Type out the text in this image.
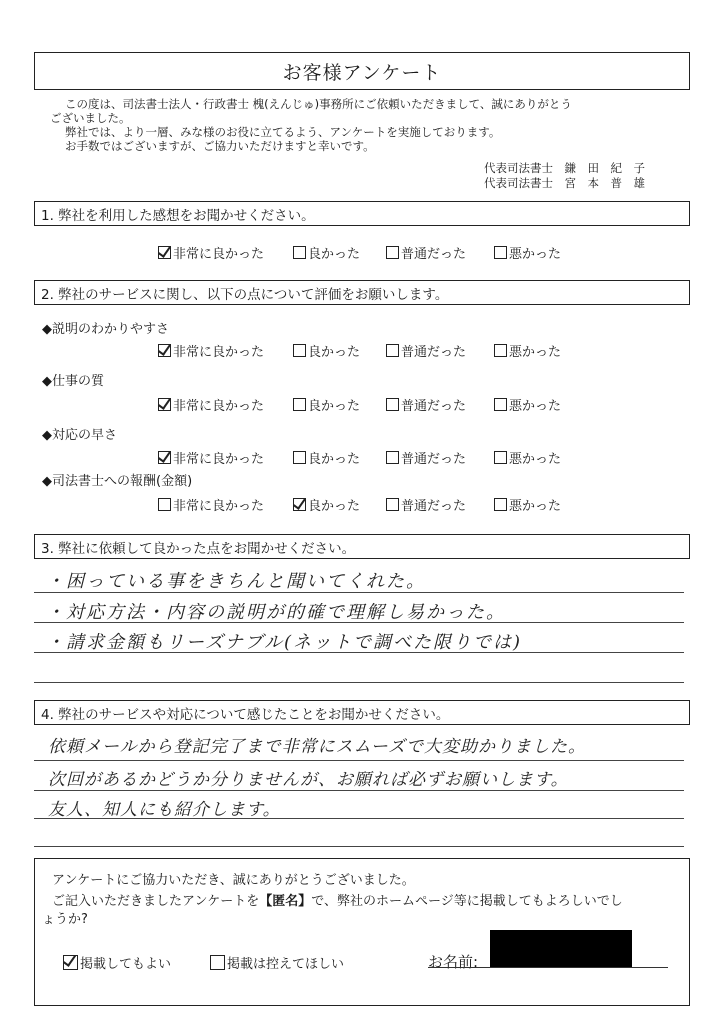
お客様アンケート

この度は、司法書士法人・行政書士 槐(えんじゅ)事務所にご依頼いただきまして、誠にありがとう

ございました。

弊社では、より一層、みな様のお役に立てるよう、アンケートを実施しております。

お手数ではございますが、ご協力いただけますと幸いです。

代表司法書士　鎌　田　紀　子
代表司法書士　宮　本　普　雄
1. 弊社を利用した感想をお聞かせください。
非常に良かった	良かった	普通だった	悪かった
2. 弊社のサービスに関し、以下の点について評価をお願いします。
◆説明のわかりやすさ
非常に良かった	良かった	普通だった	悪かった
◆仕事の質
非常に良かった	良かった	普通だった	悪かった
◆対応の早さ
非常に良かった	良かった	普通だった	悪かった
◆司法書士への報酬(金額)
非常に良かった	良かった	普通だった	悪かった
3. 弊社に依頼して良かった点をお聞かせください。
・困っている事をきちんと聞いてくれた。
・対応方法・内容の説明が的確で理解し易かった。
・請求金額もリーズナブル(ネットで調べた限りでは)
4. 弊社のサービスや対応について感じたことをお聞かせください。
依頼メールから登記完了まで非常にスムーズで大変助かりました。
次回があるかどうか分りませんが、お願れば必ずお願いします。
友人、知人にも紹介します。
アンケートにご協力いただき、誠にありがとうございました。
ご記入いただきましたアンケートを【匿名】で、弊社のホームページ等に掲載してもよろしいでし
ょうか?
掲載してもよい	掲載は控えてほしい	お名前:
